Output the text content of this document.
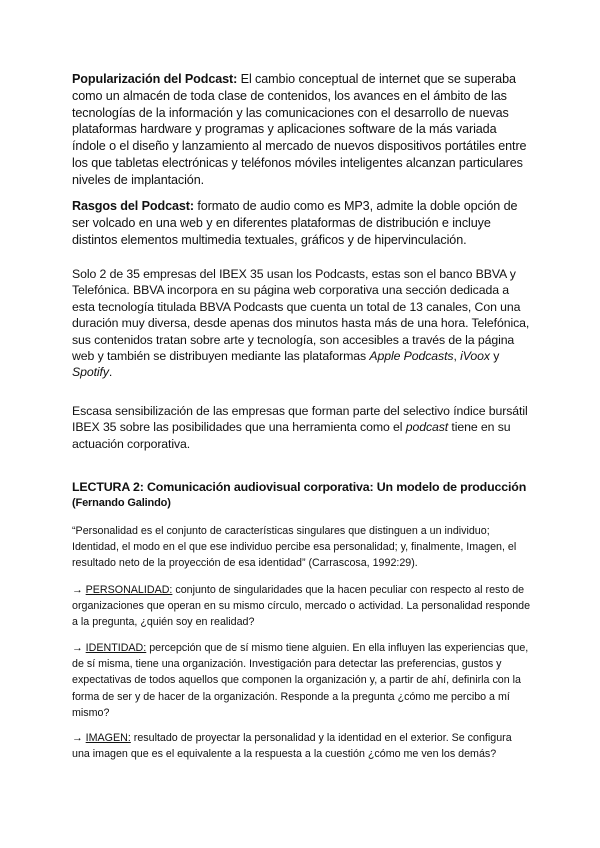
Popularización del Podcast: El cambio conceptual de internet que se superaba como un almacén de toda clase de contenidos, los avances en el ámbito de las tecnologías de la información y las comunicaciones con el desarrollo de nuevas plataformas hardware y programas y aplicaciones software de la más variada índole o el diseño y lanzamiento al mercado de nuevos dispositivos portátiles entre los que tabletas electrónicas y teléfonos móviles inteligentes alcanzan particulares niveles de implantación.

Rasgos del Podcast: formato de audio como es MP3, admite la doble opción de ser volcado en una web y en diferentes plataformas de distribución e incluye distintos elementos multimedia textuales, gráficos y de hipervinculación.

Solo 2 de 35 empresas del IBEX 35 usan los Podcasts, estas son el banco BBVA y Telefónica. BBVA incorpora en su página web corporativa una sección dedicada a esta tecnología titulada BBVA Podcasts que cuenta un total de 13 canales, Con una duración muy diversa, desde apenas dos minutos hasta más de una hora. Telefónica, sus contenidos tratan sobre arte y tecnología, son accesibles a través de la página web y también se distribuyen mediante las plataformas Apple Podcasts, iVoox y Spotify.

Escasa sensibilización de las empresas que forman parte del selectivo índice bursátil IBEX 35 sobre las posibilidades que una herramienta como el podcast tiene en su actuación corporativa.

LECTURA 2: Comunicación audiovisual corporativa: Un modelo de producción
(Fernando Galindo)

“Personalidad es el conjunto de características singulares que distinguen a un individuo; Identidad, el modo en el que ese individuo percibe esa personalidad; y, finalmente, Imagen, el resultado neto de la proyección de esa identidad” (Carrascosa, 1992:29).

→ PERSONALIDAD: conjunto de singularidades que la hacen peculiar con respecto al resto de organizaciones que operan en su mismo círculo, mercado o actividad. La personalidad responde a la pregunta, ¿quién soy en realidad?

→ IDENTIDAD: percepción que de sí mismo tiene alguien. En ella influyen las experiencias que, de sí misma, tiene una organización. Investigación para detectar las preferencias, gustos y expectativas de todos aquellos que componen la organización y, a partir de ahí, definirla con la forma de ser y de hacer de la organización. Responde a la pregunta ¿cómo me percibo a mí mismo?

→ IMAGEN: resultado de proyectar la personalidad y la identidad en el exterior. Se configura una imagen que es el equivalente a la respuesta a la cuestión ¿cómo me ven los demás?
